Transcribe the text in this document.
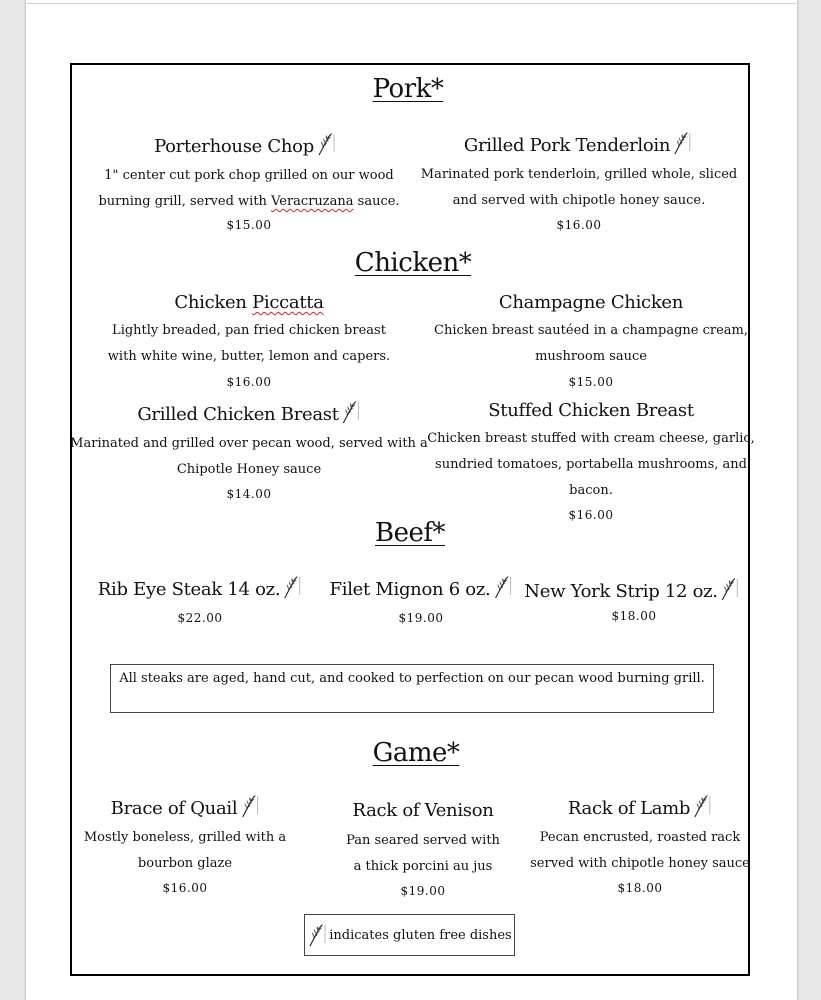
Pork*
Porterhouse Chop
1" center cut pork chop grilled on our wood
burning grill, served with Veracruzana sauce.
$15.00
Grilled Pork Tenderloin
Marinated pork tenderloin, grilled whole, sliced
and served with chipotle honey sauce.
$16.00
Chicken*
Chicken Piccatta
Lightly breaded, pan fried chicken breast
with white wine, butter, lemon and capers.
$16.00
Champagne Chicken
Chicken breast sautéed in a champagne cream,
mushroom sauce
$15.00
Grilled Chicken Breast
Marinated and grilled over pecan wood, served with a
Chipotle Honey sauce
$14.00
Stuffed Chicken Breast
Chicken breast stuffed with cream cheese, garlic,
sundried tomatoes, portabella mushrooms, and
bacon.
$16.00
Beef*
Rib Eye Steak 14 oz.
$22.00
Filet Mignon 6 oz.
$19.00
New York Strip 12 oz.
$18.00
All steaks are aged, hand cut, and cooked to perfection on our pecan wood burning grill.
Game*
Brace of Quail
Mostly boneless, grilled with a
bourbon glaze
$16.00
Rack of Venison
Pan seared served with
a thick porcini au jus
$19.00
Rack of Lamb
Pecan encrusted, roasted rack
served with chipotle honey sauce
$18.00
indicates gluten free dishes
